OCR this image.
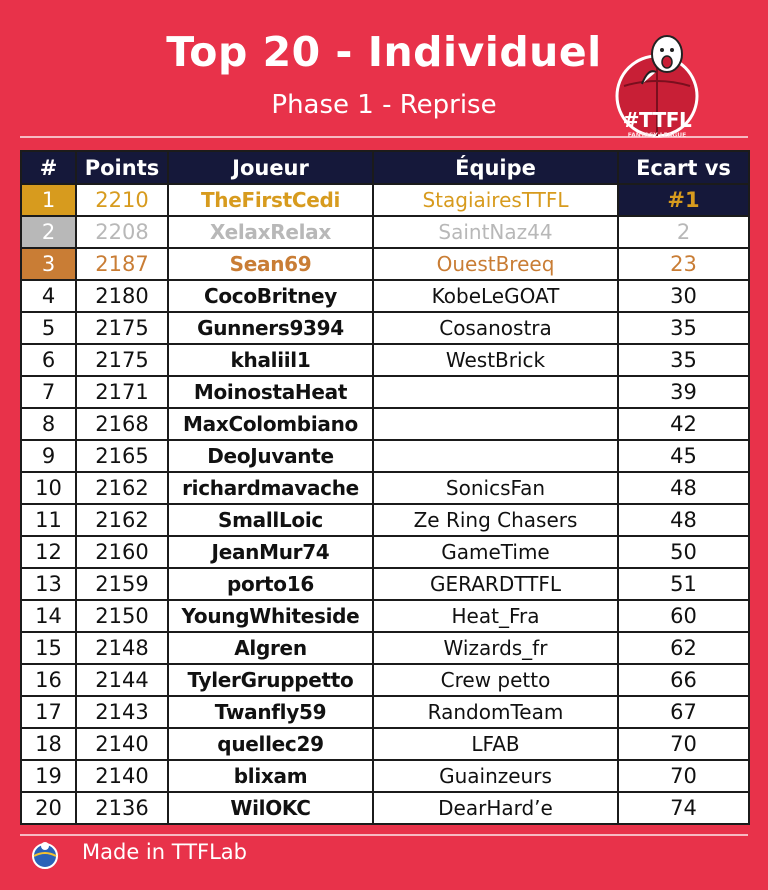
Top 20 - Individuel
Phase 1 - Reprise	#TTFL
FANTASY LEAGUE
#	Points	Joueur	Équipe	Ecart vs
1	2210	TheFirstCedi	StagiairesTTFL	#1
2	2208	XelaxRelax	SaintNaz44	2
3	2187	Sean69	OuestBreeq	23
4	2180	CocoBritney	KobeLeGOAT	30
5	2175	Gunners9394	Cosanostra	35
6	2175	khaliil1	WestBrick	35
7	2171	MoinostaHeat		39
8	2168	MaxColombiano		42
9	2165	DeoJuvante		45
10	2162	richardmavache	SonicsFan	48
11	2162	SmallLoic	Ze Ring Chasers	48
12	2160	JeanMur74	GameTime	50
13	2159	porto16	GERARDTTFL	51
14	2150	YoungWhiteside	Heat_Fra	60
15	2148	Algren	Wizards_fr	62
16	2144	TylerGruppetto	Crew petto	66
17	2143	Twanfly59	RandomTeam	67
18	2140	quellec29	LFAB	70
19	2140	blixam	Guainzeurs	70
20	2136	WilOKC	DearHard’e	74
Made in TTFLab
